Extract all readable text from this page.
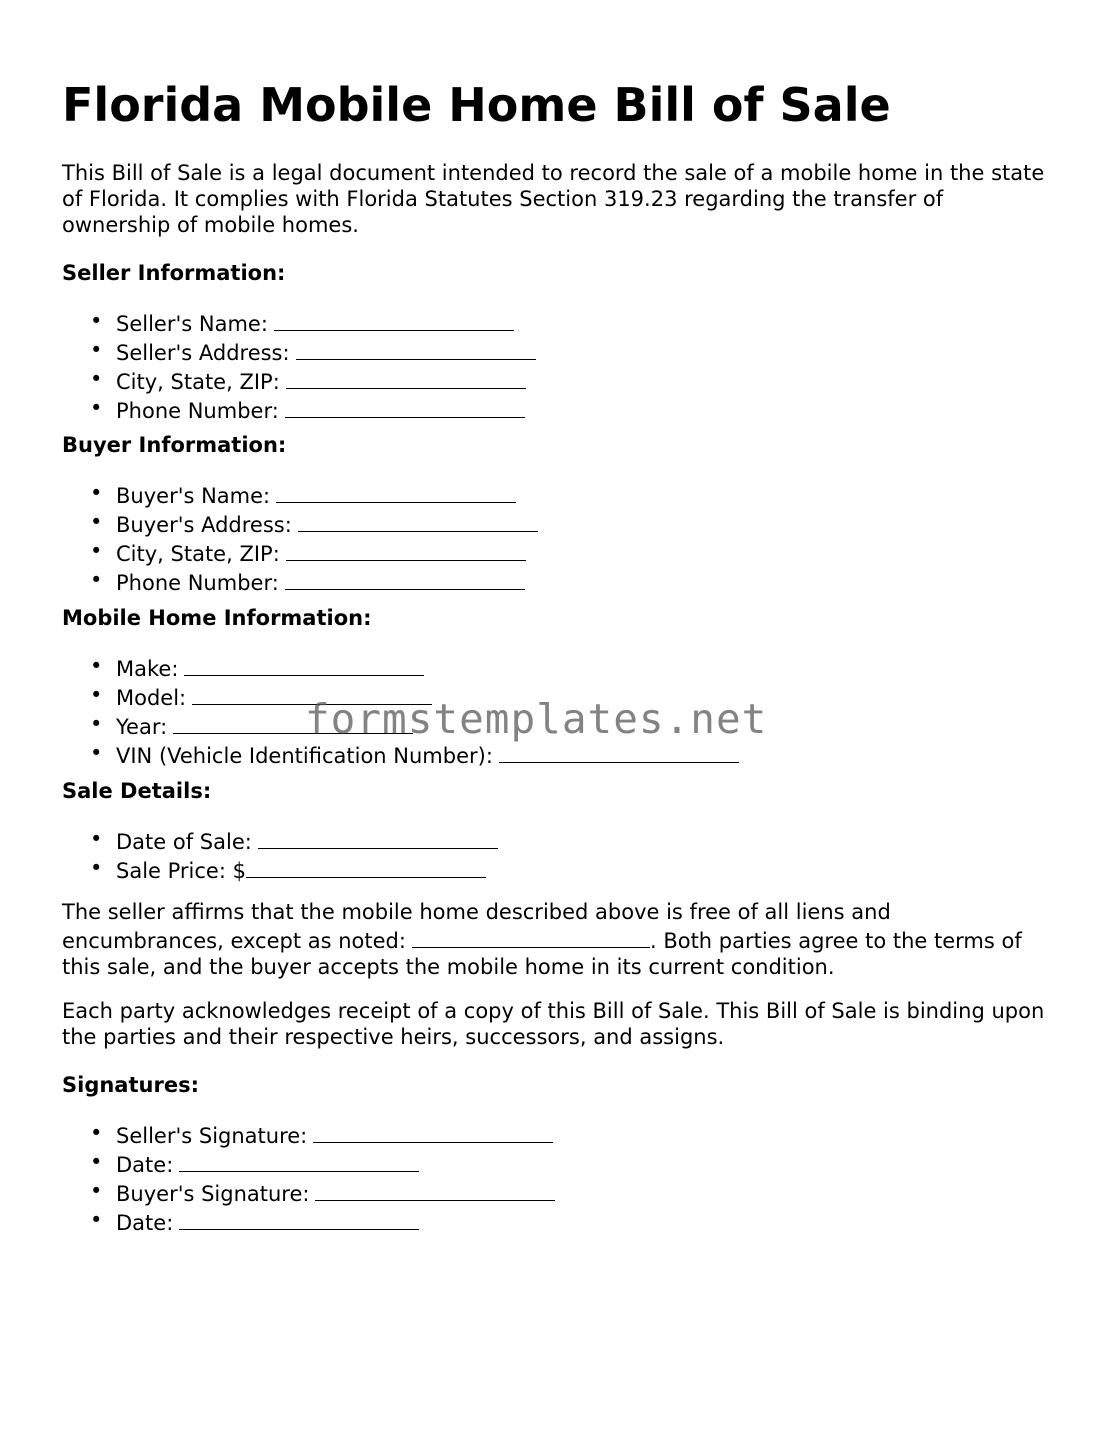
Florida Mobile Home Bill of Sale

This Bill of Sale is a legal document intended to record the sale of a mobile home in the state of Florida. It complies with Florida Statutes Section 319.23 regarding the transfer of ownership of mobile homes.

Seller Information:
• Seller's Name:
• Seller's Address:
• City, State, ZIP:
• Phone Number:
Buyer Information:
• Buyer's Name:
• Buyer's Address:
• City, State, ZIP:
• Phone Number:
Mobile Home Information:
• Make:
• Model:
• Year:
• VIN (Vehicle Identification Number):
Sale Details:
• Date of Sale:
• Sale Price: $

The seller affirms that the mobile home described above is free of all liens and encumbrances, except as noted:	. Both parties agree to the terms of this sale, and the buyer accepts the mobile home in its current condition.

Each party acknowledges receipt of a copy of this Bill of Sale. This Bill of Sale is binding upon the parties and their respective heirs, successors, and assigns.

Signatures:
• Seller's Signature:
• Date:
• Buyer's Signature:
• Date:
formstemplates.net
